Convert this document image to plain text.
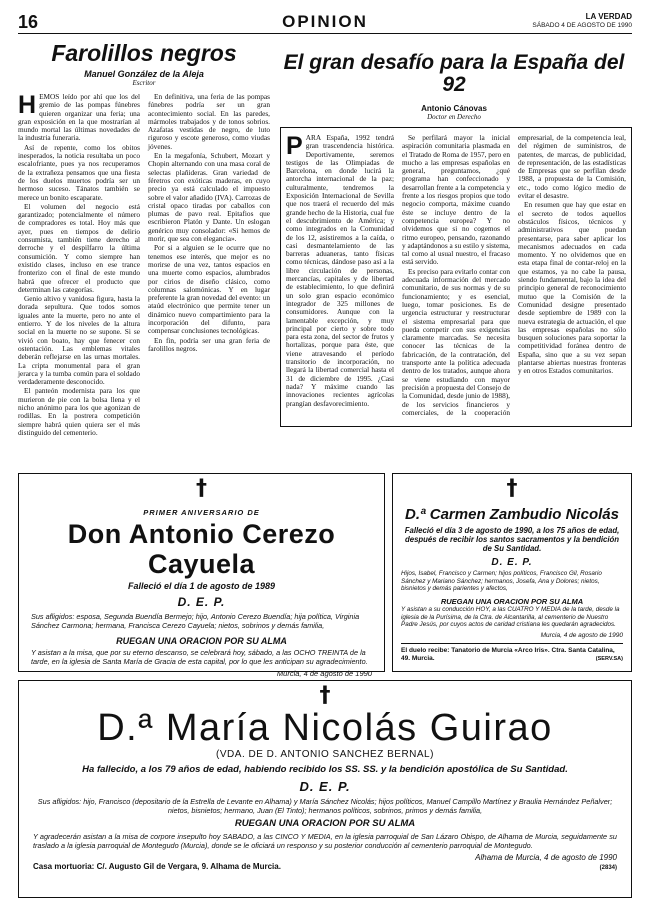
16	OPINION	LA VERDAD
SÁBADO 4 DE AGOSTO DE 1990
Farolillos negros
Manuel González de la Aleja
Escritor

HEMOS leído por ahí que los del gremio de las pompas fúnebres quieren organizar una feria; una gran exposición en la que mostrarían al mundo mortal las últimas novedades de la industria funeraria.

Así de repente, como los obitos inesperados, la noticia resultaba un poco escalofriante, pues ya nos recuperamos de la extrañeza pensamos que una fiesta de los duelos muertos podría ser un hermoso suceso. Tánatos también se merece un bonito escaparate.

El volumen del negocio está garantizado; potencialmente el número de compradores es total. Hoy más que ayer, pues en tiempos de delirio consumista, también tiene derecho al derroche y el despilfarro la última consumición. Y como siempre han existido clases, incluso en ese trance fronterizo con el final de este mundo habrá que ofrecer el producto que determinan las categorías.

Genio altivo y vanidosa figura, hasta la dorada sepultura. Que todos somos iguales ante la muerte, pero no ante el entierro. Y de los niveles de la altura social en la muerte no se supone. Si se vivió con boato, hay que fenecer con ostentación. Las emblemas vitales deberán reflejarse en las urnas mortales. La cripta monumental para el gran jerarca y la tumba común para el soldado verdaderamente desconocido.

El panteón modernista para los que murieron de pie con la bolsa llena y el nicho anónimo para los que agonizan de rodillas. En la postrera competición siempre habrá quien quiera ser el más distinguido del cementerio.

En definitiva, una feria de las pompas fúnebres podría ser un gran acontecimiento social. En las paredes, mármoles trabajados y de tonos sobrios. Azafatas vestidas de negro, de luto riguroso y escote generoso, como viudas jóvenes.

En la megafonía, Schubert, Mozart y Chopin alternando con una masa coral de selectas plañideras. Gran variedad de féretros con exóticas maderas, en cuyo precio ya está calculado el impuesto sobre el valor añadido (IVA). Carrozas de cristal opaco tiradas por caballos con plumas de pavo real. Epitafios que escribieron Platón y Dante. Un eslogan genérico muy consolador: «Si hemos de morir, que sea con elegancia».

Por si a alguien se le ocurre que no tenemos ese interés, que mejor es no morirse de una vez, tantos espacios en una muerte como espacios, alumbrados por cirios de diseño clásico, como columnas salomónicas. Y en lugar preferente la gran novedad del evento: un ataúd electrónico que permite tener un dinámico nuevo compartimiento para la incorporación del difunto, para compensar conclusiones tecnológicas.

En fin, podría ser una gran feria de farolillos negros.

El gran desafío para la España del 92
Antonio Cánovas
Doctor en Derecho

PARA España, 1992 tendrá gran trascendencia histórica. Deportivamente, seremos testigos de las Olimpiadas de Barcelona, en donde lucirá la antorcha internacional de la paz; culturalmente, tendremos la Exposición Internacional de Sevilla que nos traerá el recuerdo del más grande hecho de la Historia, cual fue el descubrimiento de América; y como integrados en la Comunidad de los 12, asistiremos a la caída, o casi desmantelamiento de las barreras aduaneras, tanto físicas como técnicas, dándose paso así a la libre circulación de personas, mercancías, capitales y de libertad de establecimiento, lo que definirá un solo gran espacio económico integrador de 325 millones de consumidores. Aunque con la lamentable excepción, y muy principal por cierto y sobre todo para esta zona, del sector de frutos y hortalizas, porque para éste, que viene atravesando el período transitorio de incorporación, no llegará la libertad comercial hasta el 31 de diciembre de 1995. ¿Casi nada? Y máxime cuando las innovaciones recientes agrícolas prangían desfavorecimiento.

Se perfilará mayor la inicial aspiración comunitaria plasmada en el Tratado de Roma de 1957, pero en mucho a las empresas españolas en general, preguntamos, ¿qué programa han confeccionado y desarrollan frente a la competencia y frente a los riesgos propios que todo negocio comporta, máxime cuando éste se incluye dentro de la competencia europea? Y no olvidemos que si no cogemos el ritmo europeo, pensando, razonando y adaptándonos a su estilo y sistema, tal como al usual nuestro, el fracaso está servido.

Es preciso para evitarlo contar con adecuada información del mercado comunitario, de sus normas y de su funcionamiento; y es esencial, luego, tomar posiciones. Es de urgencia estructurar y reestructurar el sistema empresarial para que pueda competir con sus exigencias claramente marcadas. Se necesita conocer las técnicas de la fabricación, de la contratación, del transporte ante la política adecuada dentro de los tratados, aunque ahora se viene estudiando con mayor precisión a propuesta del Consejo de la Comunidad, desde junio de 1988), de los servicios financieros y comerciales, de la cooperación empresarial, de la competencia leal, del régimen de suministros, de patentes, de marcas, de publicidad, de representación, de las estadísticas de Empresas que se perfilan desde 1988, a propuesta de la Comisión, etc., todo como lógico medio de evitar el desastre.

En resumen que hay que estar en el secreto de todos aquellos obstáculos físicos, técnicos y administrativos que puedan presentarse, para saber aplicar los mecanismos adecuados en cada momento. Y no olvidemos que en esta etapa final de contar-reloj en la que estamos, ya no cabe la pausa, siendo fundamental, bajo la idea del principio general de reconocimiento mutuo que la Comisión de la Comunidad designe presentado desde septiembre de 1989 con la nueva estrategia de actuación, el que las empresas españolas no sólo busquen soluciones para soportar la competitividad foránea dentro de España, sino que a su vez sepan plantarse abiertas nuestras fronteras y en otros Estados comunitarios.

†
PRIMER ANIVERSARIO DE
Don Antonio Cerezo Cayuela
Falleció el día 1 de agosto de 1989
D. E. P.
Sus afligidos: esposa, Segunda Buendía Bermejo; hijo, Antonio Cerezo Buendía; hija política, Virginia Sánchez Carmona; hermana, Francisca Cerezo Cayuela; nietos, sobrinos y demás familia,
RUEGAN UNA ORACION POR SU ALMA
Y asistan a la misa, que por su eterno descanso, se celebrará hoy, sábado, a las OCHO TREINTA de la tarde, en la iglesia de Santa María de Gracia de esta capital, por lo que les anticipan su agradecimiento.
Murcia, 4 de agosto de 1990
†
D.ª Carmen Zambudio Nicolás
Falleció el día 3 de agosto de 1990, a los 75 años de edad, después de recibir los santos sacramentos y la bendición de Su Santidad.
D. E. P.
Hijos, Isabel, Francisco y Carmen; hijos políticos, Francisco Gil, Rosario Sánchez y Mariano Sánchez; hermanos, Josefa, Ana y Dolores; nietos, bisnietos y demás parientes y afectos,
RUEGAN UNA ORACION POR SU ALMA
Y asistan a su conducción HOY, a las CUATRO Y MEDIA de la tarde, desde la iglesia de la Purísima, de la Ctra. de Alcantarilla, al cementerio de Nuestro Padre Jesús, por cuyos actos de caridad cristiana les quedarán agradecidos.
Murcia, 4 de agosto de 1990
El duelo recibe: Tanatorio de Murcia «Arco Iris». Ctra. Santa Catalina, 49. Murcia.	(SERV.SA)
†
D.ª María Nicolás Guirao
(VDA. DE D. ANTONIO SANCHEZ BERNAL)
Ha fallecido, a los 79 años de edad, habiendo recibido los SS. SS. y la bendición apostólica de Su Santidad.
D. E. P.
Sus afligidos: hijo, Francisco (depositario de la Estrella de Levante en Alhama) y María Sánchez Nicolás; hijos políticos, Manuel Campillo Martínez y Braulia Hernández Peñalver; nietos, bisnietos; hermano, Juan (El Tinto); hermanos políticos, sobrinos, primos y demás familia,
RUEGAN UNA ORACION POR SU ALMA
Y agradecerán asistan a la misa de corpore insepulto hoy SABADO, a las CINCO Y MEDIA, en la iglesia parroquial de San Lázaro Obispo, de Alhama de Murcia, seguidamente su traslado a la iglesia parroquial de Montegudo (Murcia), donde se le oficiará un responso y su posterior conducción al cementerio parroquial de Montegudo.
Alhama de Murcia, 4 de agosto de 1990
Casa mortuoria: C/. Augusto Gil de Vergara, 9. Alhama de Murcia.	(2834)
